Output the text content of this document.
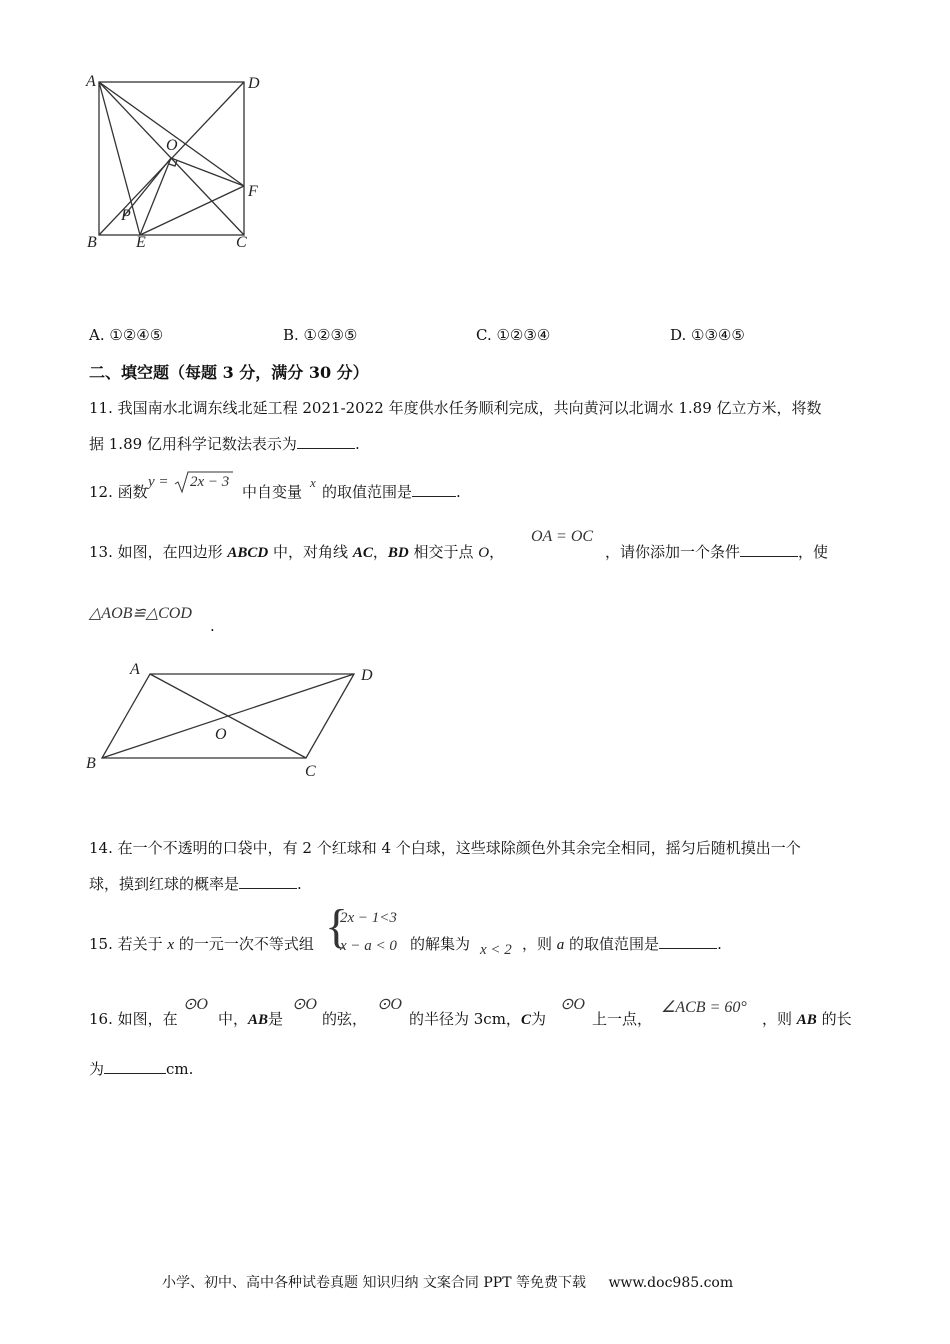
A	D
O
F
P
B E	C
A. ①②④⑤	B. ①②③⑤	C. ①②③④	D. ①③④⑤
二、填空题（每题 3 分，满分 30 分）
11. 我国南水北调东线北延工程 2021-2022 年度供水任务顺利完成，共向黄河以北调水 1.89 亿立方米，将数
据 1.89 亿用科学记数法表示为	.
12. 函数
y = 2x − 3
中自变量
x
的取值范围是	.
13. 如图，在四边形 ABCD 中，对角线 AC，BD 相交于点 O，
OA = OC
，请你添加一个条件	，使
△AOB≌△COD
.
A	D
O
B	C
14. 在一个不透明的口袋中，有 2 个红球和 4 个白球，这些球除颜色外其余完全相同，摇匀后随机摸出一个
球，摸到红球的概率是	.
15. 若关于 x 的一元一次不等式组 {
2x − 1<3
x − a < 0 的解集为 x < 2 ，则 a 的取值范围是	.
16. 如图，在
⊙O
中，AB是
⊙O
的弦，
⊙O
的半径为 3cm，C为
⊙O
上一点，
∠ACB = 60°
，则 AB 的长
为	cm.
小学、初中、高中各种试卷真题 知识归纳 文案合同 PPT 等免费下载 www.doc985.com
